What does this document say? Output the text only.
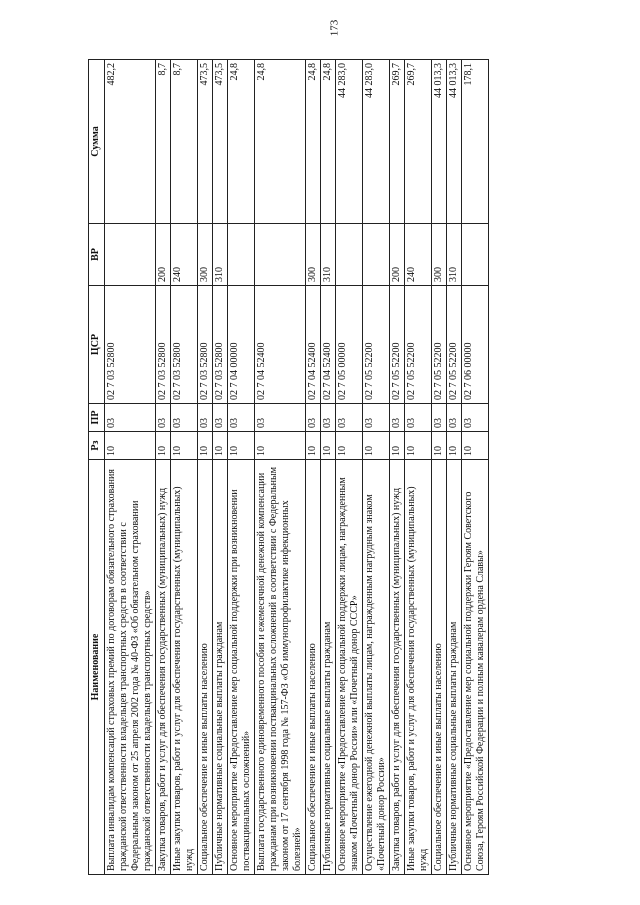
173
Наименование	Рз	ПР	ЦСР	ВР	Сумма
Выплата инвалидам компенсаций страховых премий по договорам обязательного страхования гражданской ответственности владельцев транспортных средств в соответствии с Федеральным законом от 25 апреля 2002 года № 40-ФЗ «Об обязательном страховании гражданской ответственности владельцев транспортных средств»	10	03	02 7 03 52800		482,2
Закупка товаров, работ и услуг для обеспечения государственных (муниципальных) нужд	10	03	02 7 03 52800	200	8,7
Иные закупки товаров, работ и услуг для обеспечения государственных (муниципальных) нужд	10	03	02 7 03 52800	240	8,7
Социальное обеспечение и иные выплаты населению	10	03	02 7 03 52800	300	473,5
Публичные нормативные социальные выплаты гражданам	10	03	02 7 03 52800	310	473,5
Основное мероприятие «Предоставление мер социальной поддержки при возникновении поствакцинальных осложнений»	10	03	02 7 04 00000		24,8
Выплата государственного единовременного пособия и ежемесячной денежной компенсации гражданам при возникновении поствакцинальных осложнений в соответствии с Федеральным законом от 17 сентября 1998 года № 157-ФЗ «Об иммунопрофилактике инфекционных болезней»	10	03	02 7 04 52400		24,8
Социальное обеспечение и иные выплаты населению	10	03	02 7 04 52400	300	24,8
Публичные нормативные социальные выплаты гражданам	10	03	02 7 04 52400	310	24,8
Основное мероприятие «Предоставление мер социальной поддержки лицам, награжденным знаком «Почетный донор России» или «Почетный донор СССР»	10	03	02 7 05 00000		44 283,0
Осуществление ежегодной денежной выплаты лицам, награжденным нагрудным знаком «Почетный донор России»	10	03	02 7 05 52200		44 283,0
Закупка товаров, работ и услуг для обеспечения государственных (муниципальных) нужд	10	03	02 7 05 52200	200	269,7
Иные закупки товаров, работ и услуг для обеспечения государственных (муниципальных) нужд	10	03	02 7 05 52200	240	269,7
Социальное обеспечение и иные выплаты населению	10	03	02 7 05 52200	300	44 013,3
Публичные нормативные социальные выплаты гражданам	10	03	02 7 05 52200	310	44 013,3
Основное мероприятие «Предоставление мер социальной поддержки Героям Советского Союза, Героям Российской Федерации и полным кавалерам ордена Славы»	10	03	02 7 06 00000		178,1
